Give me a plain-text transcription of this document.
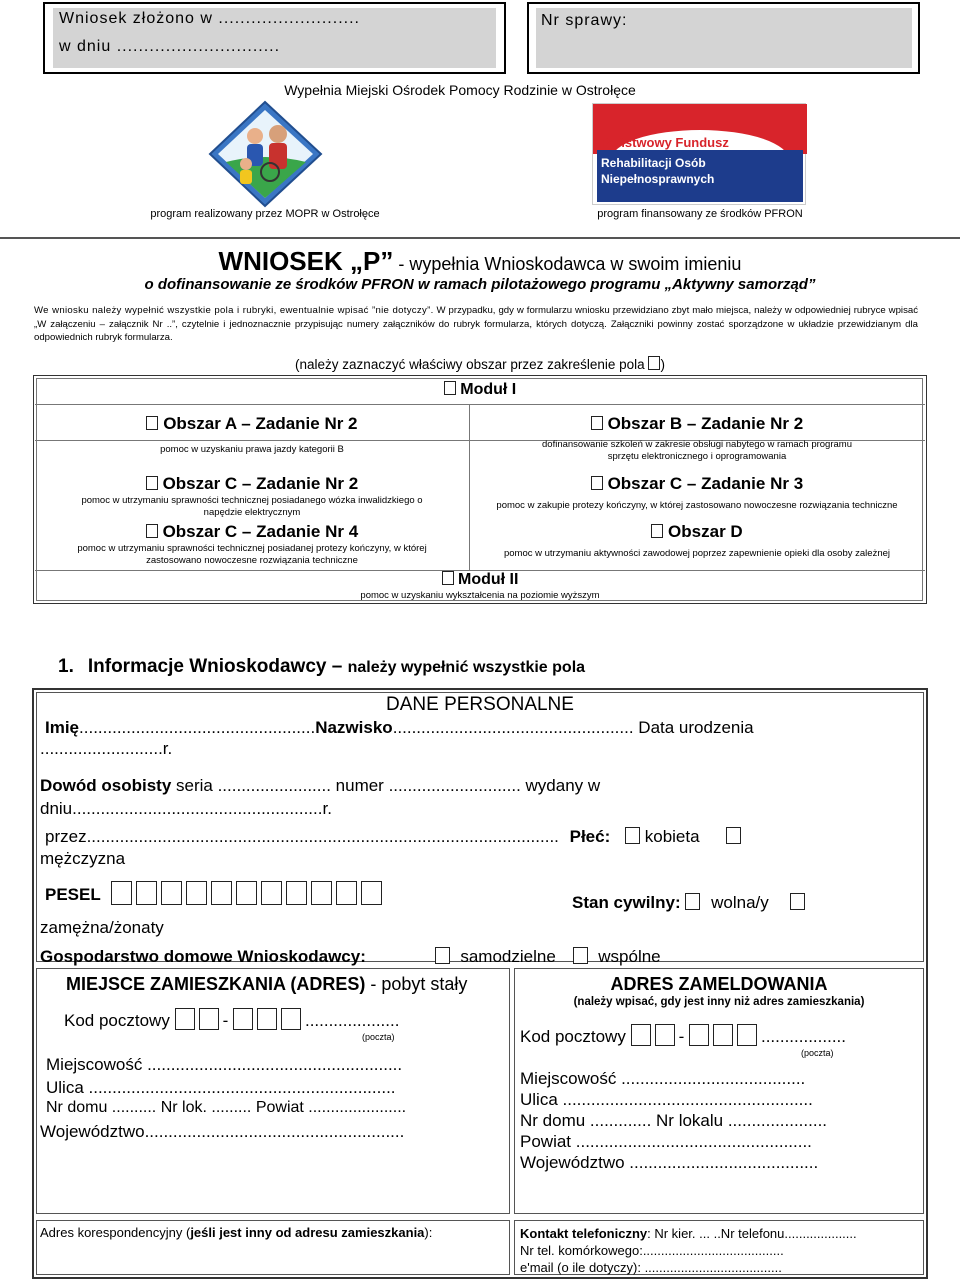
Wniosek złożono w ..........................
w dniu ..............................
Nr sprawy:
Wypełnia Miejski Ośrodek Pomocy Rodzinie w Ostrołęce
Państwowy Fundusz
Rehabilitacji Osób
Niepełnosprawnych
program realizowany przez MOPR w Ostrołęce	program finansowany ze środków PFRON
WNIOSEK „P” - wypełnia Wnioskodawca w swoim imieniu
o dofinansowanie ze środków PFRON w ramach pilotażowego programu „Aktywny samorząd”
We wniosku należy wypełnić wszystkie pola i rubryki, ewentualnie wpisać ”nie dotyczy”. W przypadku, gdy w formularzu wniosku przewidziano zbyt mało miejsca, należy w odpowiedniej rubryce wpisać „W załączeniu – załącznik Nr ..”, czytelnie i jednoznacznie przypisując numery załączników do rubryk formularza, których dotyczą. Załączniki powinny zostać sporządzone w układzie przewidzianym dla odpowiednich rubryk formularza.
(należy zaznaczyć właściwy obszar przez zakreślenie pola )
Moduł I
Obszar A – Zadanie Nr 2
pomoc w uzyskaniu prawa jazdy kategorii B
Obszar B – Zadanie Nr 2
dofinansowanie szkoleń w zakresie obsługi nabytego w ramach programu sprzętu elektronicznego i oprogramowania
Obszar C – Zadanie Nr 2
pomoc w utrzymaniu sprawności technicznej posiadanego wózka inwalidzkiego o napędzie elektrycznym
Obszar C – Zadanie Nr 3
pomoc w zakupie protezy kończyny, w której zastosowano nowoczesne rozwiązania techniczne
Obszar C – Zadanie Nr 4
pomoc w utrzymaniu sprawności technicznej posiadanej protezy kończyny, w której zastosowano nowoczesne rozwiązania techniczne
Obszar D
pomoc w utrzymaniu aktywności zawodowej poprzez zapewnienie opieki dla osoby zależnej
Moduł II
pomoc w uzyskaniu wykształcenia na poziomie wyższym
1. Informacje Wnioskodawcy – należy wypełnić wszystkie pola
DANE PERSONALNE
Imię..................................................Nazwisko................................................... Data urodzenia
..........................r.
Dowód osobisty seria ........................ numer ............................ wydany w
dniu.....................................................r.
przez.................................................................................................... Płeć: kobieta
mężczyzna
PESEL	Stan cywilny: wolna/y
zamężna/żonaty
Gospodarstwo domowe Wnioskodawcy:	samodzielne wspólne
MIEJSCE ZAMIESZKANIA (ADRES) - pobyt stały
Kod pocztowy	-	....................
(poczta)
Miejscowość ......................................................
Ulica .................................................................
Nr domu .......... Nr lok. ......... Powiat ......................
Województwo.......................................................
ADRES ZAMELDOWANIA
(należy wpisać, gdy jest inny niż adres zamieszkania)
Kod pocztowy	-	..................
(poczta)
Miejscowość .......................................
Ulica .....................................................
Nr domu ............. Nr lokalu .....................
Powiat ..................................................
Województwo ........................................
Adres korespondencyjny (jeśli jest inny od adresu zamieszkania):	Kontakt telefoniczny: Nr kier. ... ..Nr telefonu....................
Nr tel. komórkowego:.......................................
e'mail (o ile dotyczy): ......................................
